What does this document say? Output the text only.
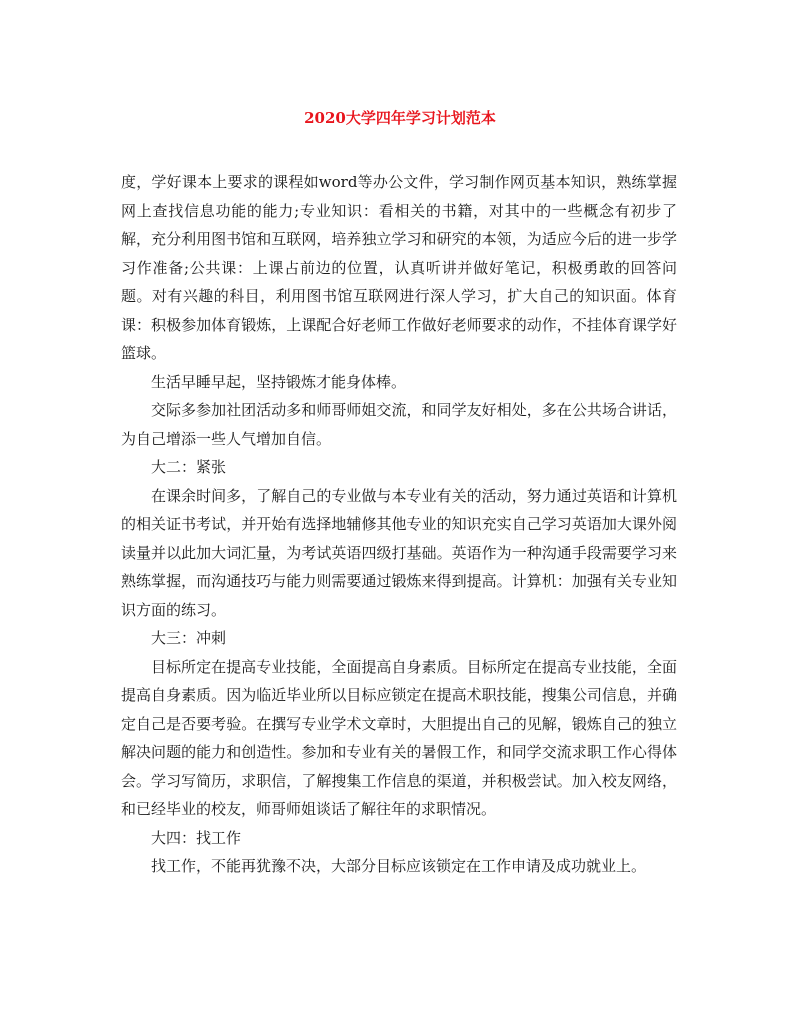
2020大学四年学习计划范本

度，学好课本上要求的课程如word等办公文件，学习制作网页基本知识，熟练掌握网上查找信息功能的能力;专业知识：看相关的书籍，对其中的一些概念有初步了解，充分利用图书馆和互联网，培养独立学习和研究的本领，为适应今后的进一步学习作准备;公共课：上课占前边的位置，认真听讲并做好笔记，积极勇敢的回答问题。对有兴趣的科目，利用图书馆互联网进行深人学习，扩大自己的知识面。体育课：积极参加体育锻炼，上课配合好老师工作做好老师要求的动作，不挂体育课学好篮球。

生活早睡早起，坚持锻炼才能身体棒。

交际多参加社团活动多和师哥师姐交流，和同学友好相处，多在公共场合讲话，为自己增添一些人气增加自信。

大二：紧张

在课余时间多，了解自己的专业做与本专业有关的活动，努力通过英语和计算机的相关证书考试，并开始有选择地辅修其他专业的知识充实自己学习英语加大课外阅读量并以此加大词汇量，为考试英语四级打基础。英语作为一种沟通手段需要学习来熟练掌握，而沟通技巧与能力则需要通过锻炼来得到提高。计算机：加强有关专业知识方面的练习。

大三：冲刺

目标所定在提高专业技能，全面提高自身素质。目标所定在提高专业技能，全面提高自身素质。因为临近毕业所以目标应锁定在提高术职技能，搜集公司信息，并确定自己是否要考验。在撰写专业学术文章时，大胆提出自己的见解，锻炼自己的独立解决问题的能力和创造性。参加和专业有关的暑假工作，和同学交流求职工作心得体会。学习写简历，求职信，了解搜集工作信息的渠道，并积极尝试。加入校友网络，和已经毕业的校友，师哥师姐谈话了解往年的求职情况。

大四：找工作

找工作，不能再犹豫不决，大部分目标应该锁定在工作申请及成功就业上。
